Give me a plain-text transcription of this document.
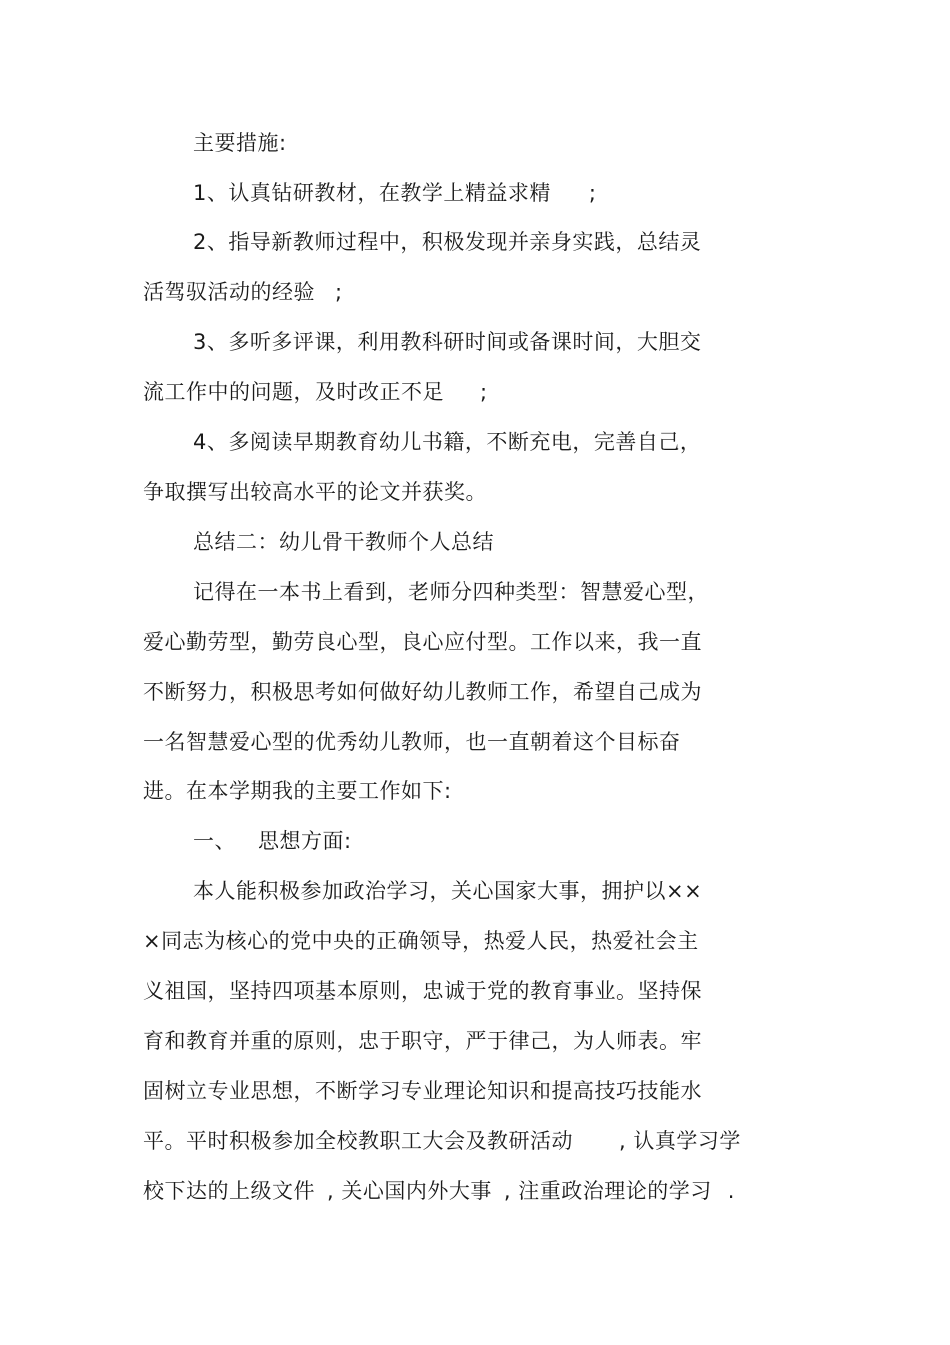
主要措施:
1、认真钻研教材，在教学上精益求精 ;
2、指导新教师过程中，积极发现并亲身实践，总结灵
活驾驭活动的经验 ;
3、多听多评课，利用教科研时间或备课时间，大胆交
流工作中的问题，及时改正不足 ;
4、多阅读早期教育幼儿书籍，不断充电，完善自己，
争取撰写出较高水平的论文并获奖。
总结二：幼儿骨干教师个人总结
记得在一本书上看到，老师分四种类型：智慧爱心型，
爱心勤劳型，勤劳良心型，良心应付型。工作以来，我一直
不断努力，积极思考如何做好幼儿教师工作，希望自己成为
一名智慧爱心型的优秀幼儿教师，也一直朝着这个目标奋
进。在本学期我的主要工作如下:
一、 思想方面:
本人能积极参加政治学习，关心国家大事，拥护以××
×同志为核心的党中央的正确领导，热爱人民，热爱社会主
义祖国，坚持四项基本原则，忠诚于党的教育事业。坚持保
育和教育并重的原则，忠于职守，严于律己，为人师表。牢
固树立专业思想，不断学习专业理论知识和提高技巧技能水
平。平时积极参加全校教职工大会及教研活动 , 认真学习学
校下达的上级文件 , 关心国内外大事 , 注重政治理论的学习 .
